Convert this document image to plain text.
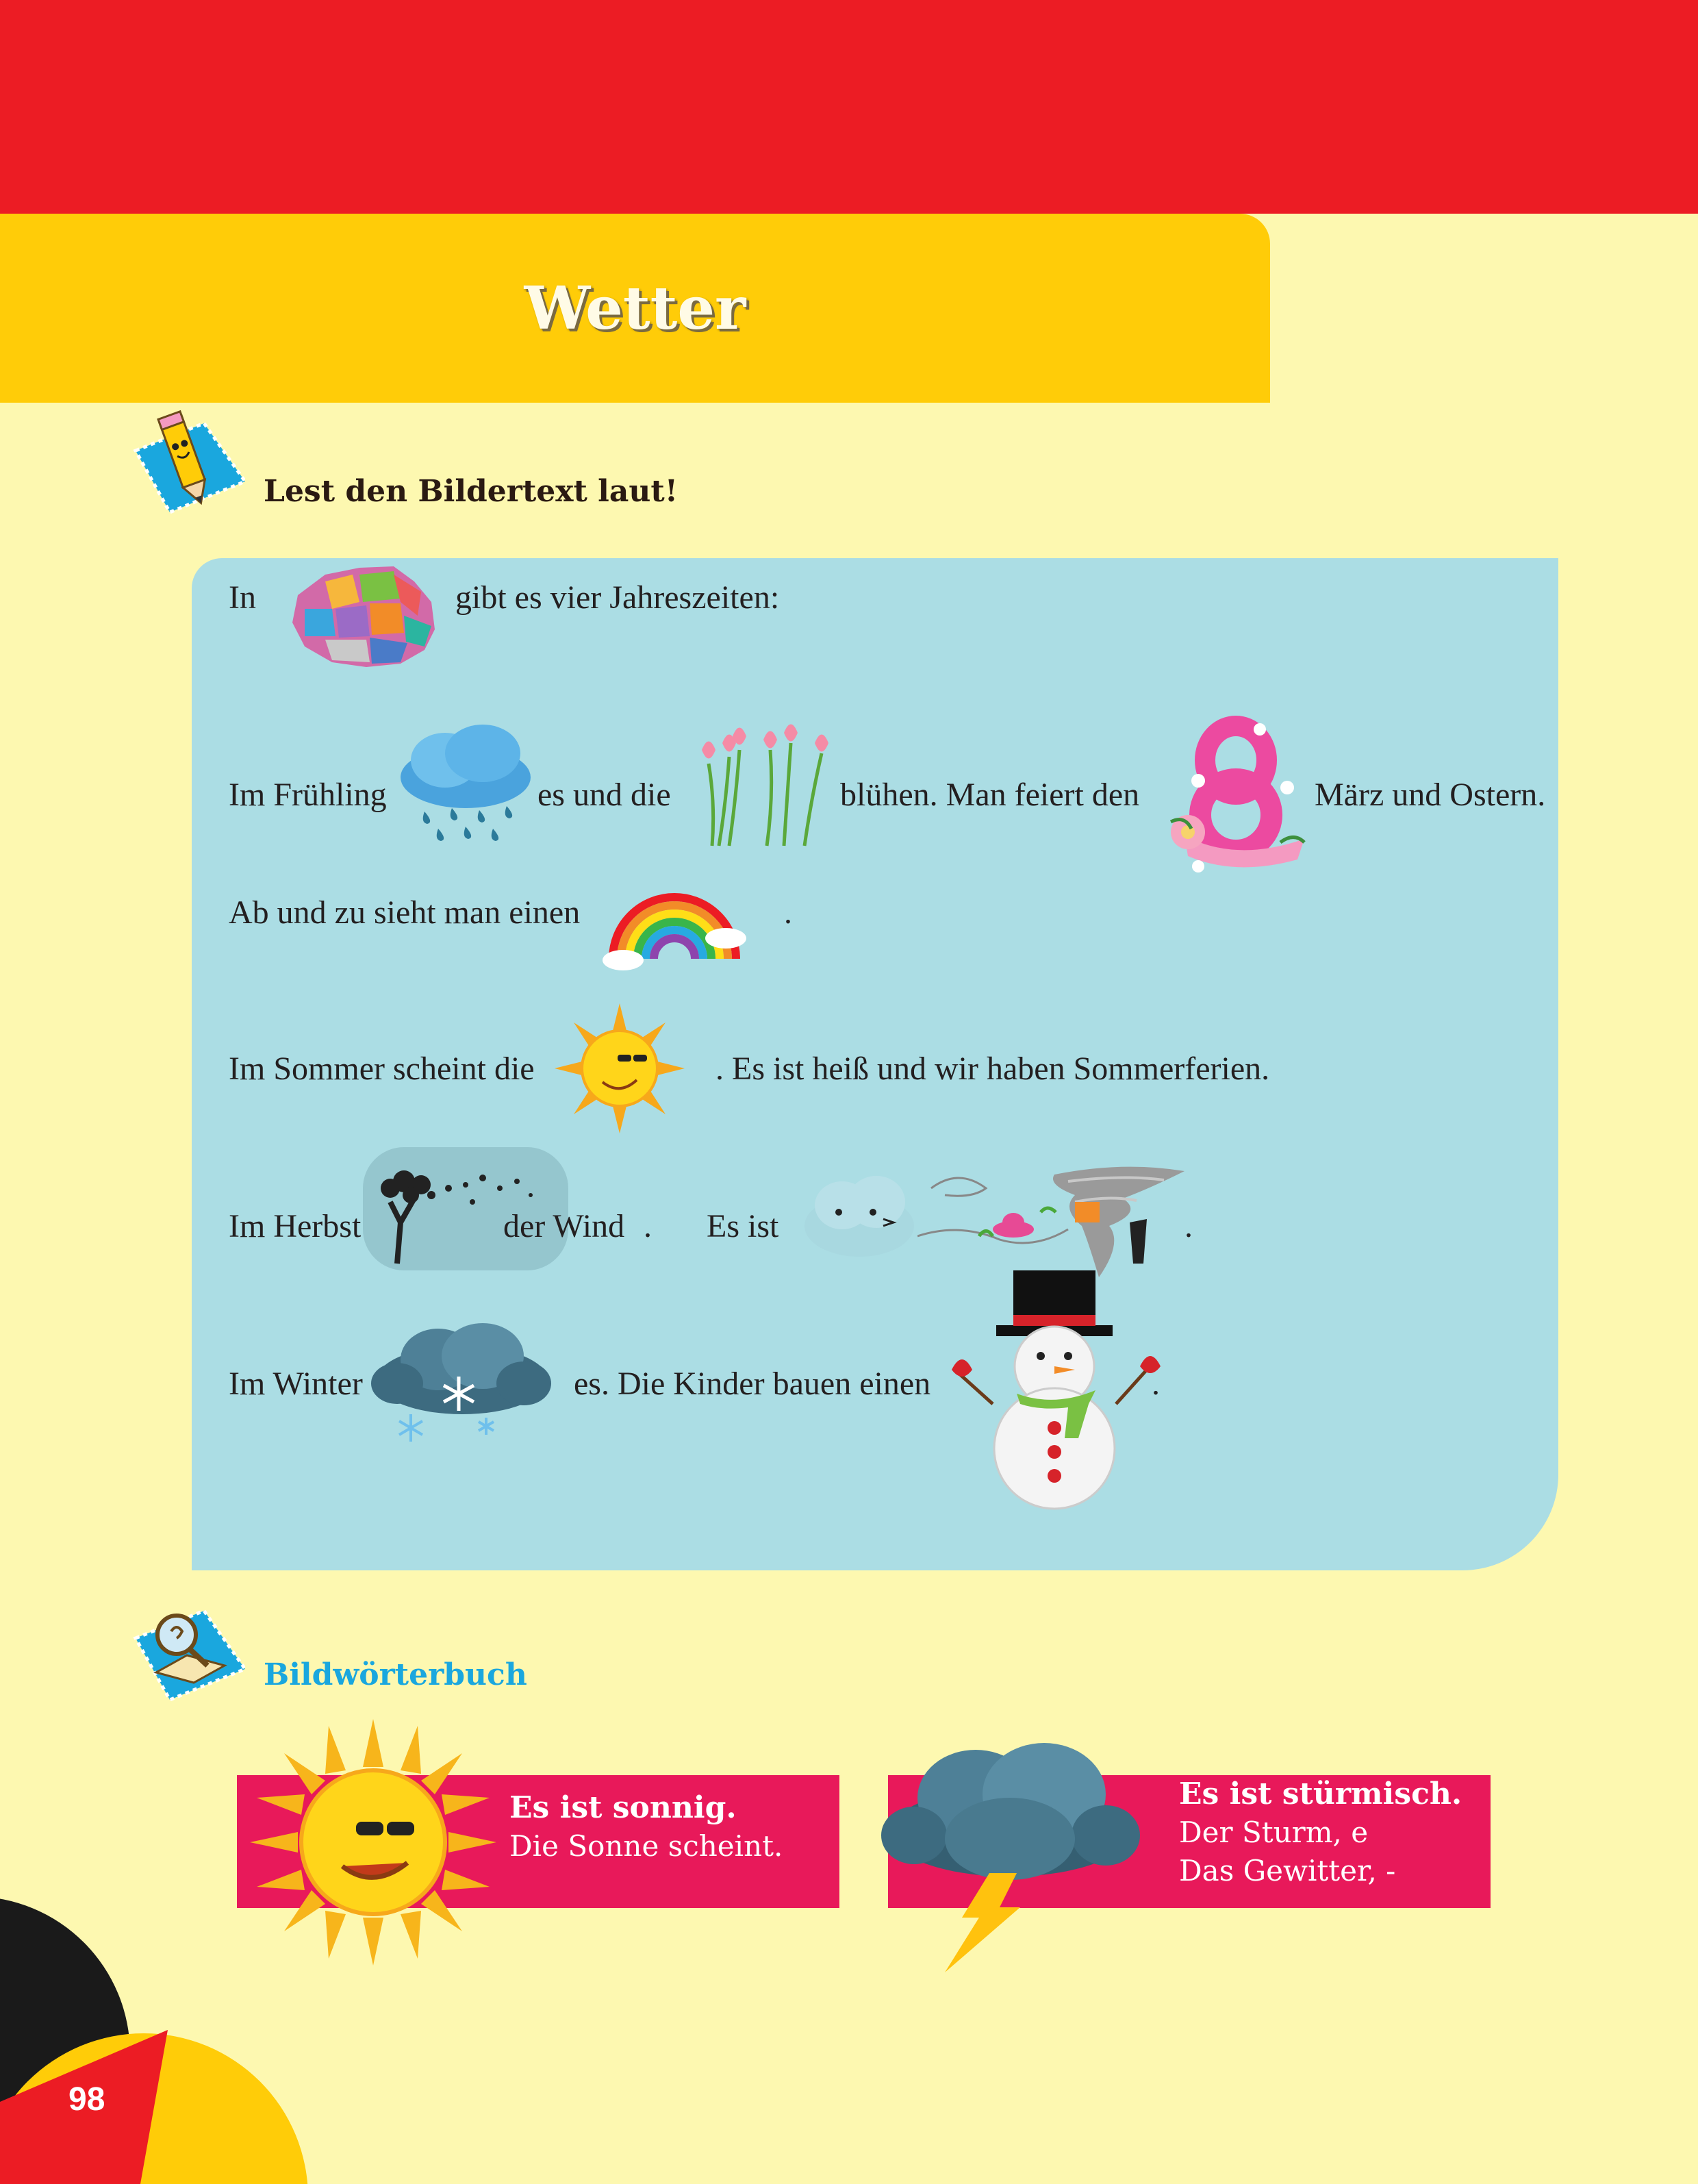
Wetter
Lest den Bildertext laut!
In	gibt es vier Jahreszeiten:
Im Frühling	es und die	blühen. Man feiert den	März und Ostern.
Ab und zu sieht man einen	.
Im Sommer scheint die	. Es ist heiß und wir haben Sommerferien.
Im Herbst	der Wind . Es ist	.
Im Winter	es. Die Kinder bauen einen	.
Bildwörterbuch
Es ist sonnig.
Die Sonne scheint.
Es ist stürmisch.
Der Sturm, e
Das Gewitter, -
98
